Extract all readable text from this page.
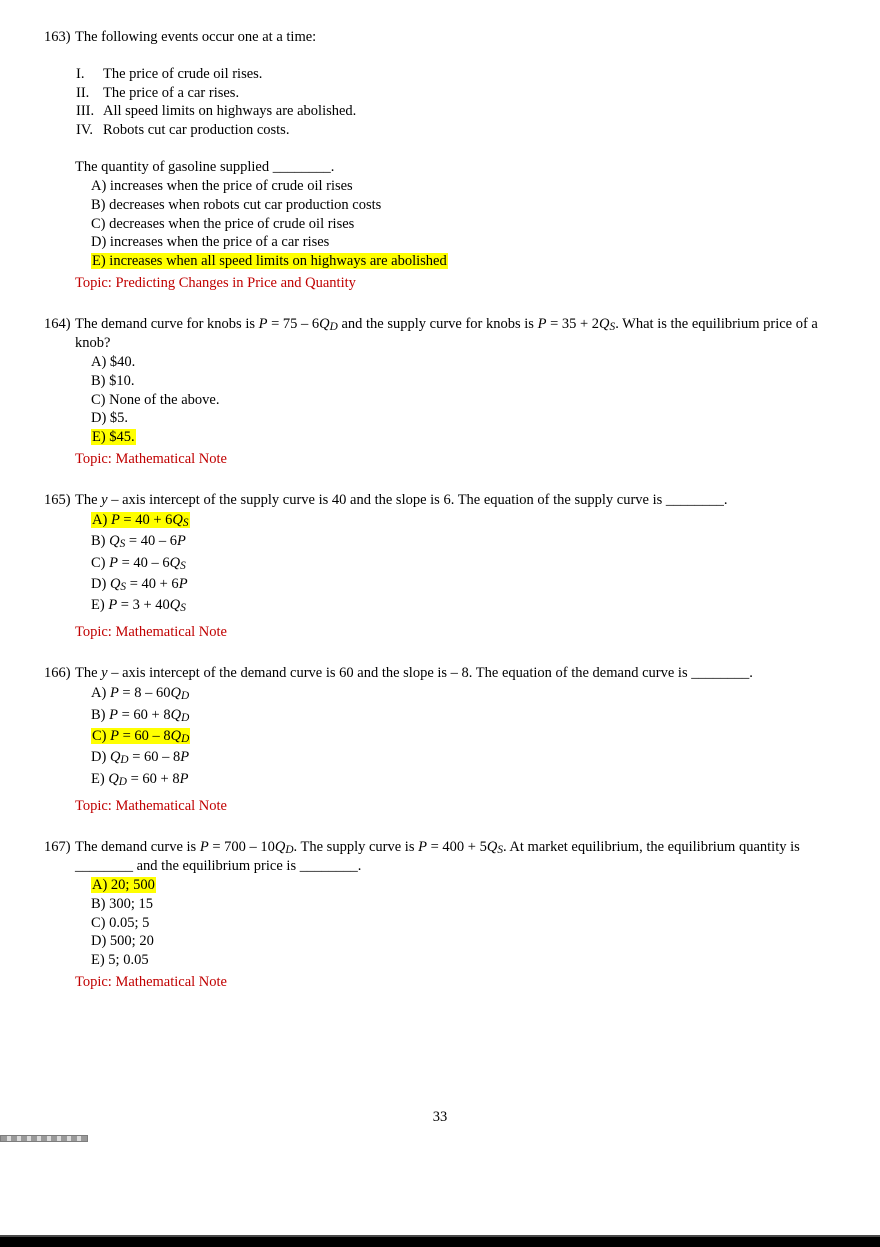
163) The following events occur one at a time:

I.	The price of crude oil rises.
II. The price of a car rises.
III. All speed limits on highways are abolished.
IV. Robots cut car production costs.

The quantity of gasoline supplied ________.

A) increases when the price of crude oil rises
B) decreases when robots cut car production costs
C) decreases when the price of crude oil rises
D) increases when the price of a car rises
E) increases when all speed limits on highways are abolished

Topic: Predicting Changes in Price and Quantity

164) The demand curve for knobs is $P = 75 - 6Q_D$ and the supply curve for knobs is $P = 35 + 2Q_S$. What is the equilibrium price of a knob?

A) $40.
B) $10.
C) None of the above.
D) $5.
E) $45.

Topic: Mathematical Note

165) The y – axis intercept of the supply curve is 40 and the slope is 6. The equation of the supply curve is ________.

A) $P = 40 + 6Q_S$
B) $Q_S = 40 - 6P$
C) $P = 40 - 6Q_S$
D) $Q_S = 40 + 6P$
E) $P = 3 + 40Q_S$

Topic: Mathematical Note

166) The y – axis intercept of the demand curve is 60 and the slope is – 8. The equation of the demand curve is ________.

A) $P = 8 - 60Q_D$
B) $P = 60 + 8Q_D$
C) $P = 60 - 8Q_D$
D) $Q_D = 60 - 8P$
E) $Q_D = 60 + 8P$

Topic: Mathematical Note

167) The demand curve is $P = 700 - 10Q_D$. The supply curve is $P = 400 + 5Q_S$. At market equilibrium, the equilibrium quantity is ________ and the equilibrium price is ________.

A) 20; 500
B) 300; 15
C) 0.05; 5
D) 500; 20
E) 5; 0.05

Topic: Mathematical Note

33
